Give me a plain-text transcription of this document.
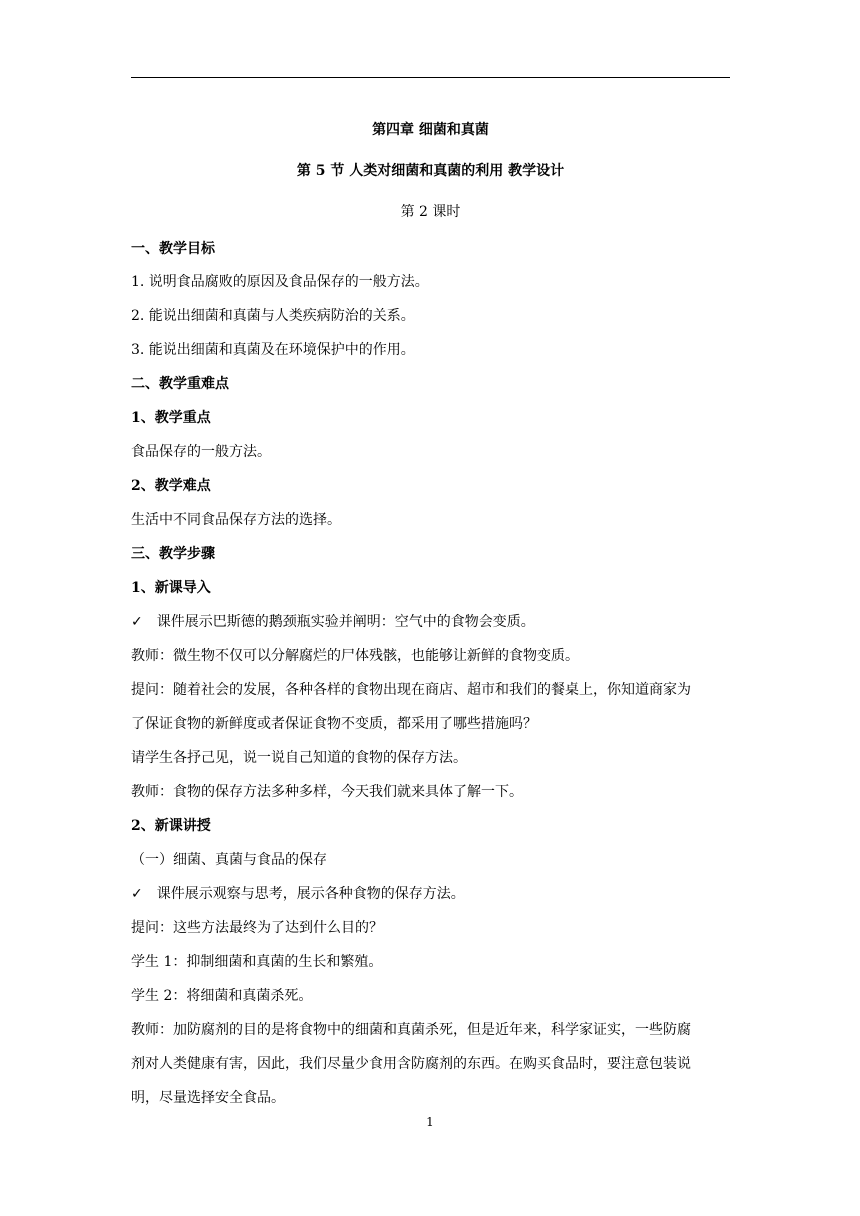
第四章 细菌和真菌
第 5 节 人类对细菌和真菌的利用 教学设计
第 2 课时
一、教学目标
1. 说明食品腐败的原因及食品保存的一般方法。
2. 能说出细菌和真菌与人类疾病防治的关系。
3. 能说出细菌和真菌及在环境保护中的作用。
二、教学重难点
1、教学重点
食品保存的一般方法。
2、教学难点
生活中不同食品保存方法的选择。
三、教学步骤
1、新课导入
✓ 课件展示巴斯德的鹅颈瓶实验并阐明：空气中的食物会变质。
教师：微生物不仅可以分解腐烂的尸体残骸，也能够让新鲜的食物变质。
提问：随着社会的发展，各种各样的食物出现在商店、超市和我们的餐桌上，你知道商家为
了保证食物的新鲜度或者保证食物不变质，都采用了哪些措施吗？
请学生各抒己见，说一说自己知道的食物的保存方法。
教师：食物的保存方法多种多样，今天我们就来具体了解一下。
2、新课讲授
（一）细菌、真菌与食品的保存
✓ 课件展示观察与思考，展示各种食物的保存方法。
提问：这些方法最终为了达到什么目的？
学生 1：抑制细菌和真菌的生长和繁殖。
学生 2：将细菌和真菌杀死。
教师：加防腐剂的目的是将食物中的细菌和真菌杀死，但是近年来，科学家证实，一些防腐
剂对人类健康有害，因此，我们尽量少食用含防腐剂的东西。在购买食品时，要注意包装说
明，尽量选择安全食品。
1
